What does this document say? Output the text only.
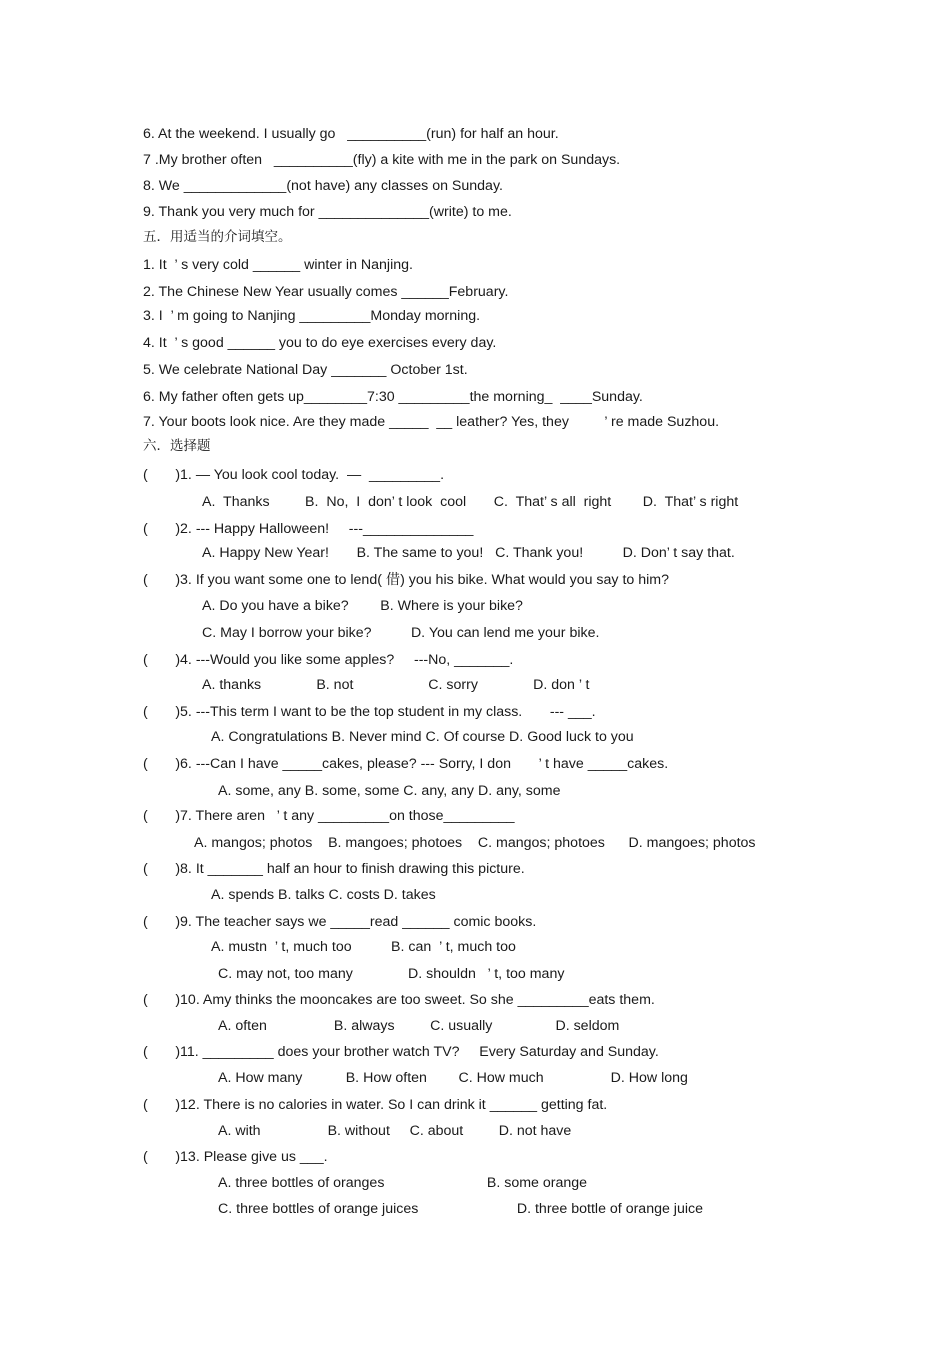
6. At the weekend. I usually go   __________(run) for half an hour.
7 .My brother often   __________(fly) a kite with me in the park on Sundays.
8. We _____________(not have) any classes on Sunday.
9. Thank you very much for ______________(write) to me.
五．用适当的介词填空。
1. It  ’ s very cold ______ winter in Nanjing.
2. The Chinese New Year usually comes ______February.
3. I  ’ m going to Nanjing _________Monday morning.
4. It  ’ s good ______ you to do eye exercises every day.
5. We celebrate National Day _______ October 1st.
6. My father often gets up________7:30 _________the morning_  ____Sunday.
7. Your boots look nice. Are they made _____  __ leather? Yes, they         ’ re made Suzhou.
六．选择题
(       )1. — You look cool today.  —  _________.
A.  Thanks         B.  No,  I  don’ t look  cool       C.  That’ s all  right        D.  That’ s right
(       )2. --- Happy Halloween!     ---______________
A. Happy New Year!       B. The same to you!   C. Thank you!          D. Don’ t say that.
(       )3. If you want some one to lend( 借) you his bike. What would you say to him?
A. Do you have a bike?        B. Where is your bike?
C. May I borrow your bike?          D. You can lend me your bike.
(       )4. ---Would you like some apples?     ---No, _______.
A. thanks              B. not                   C. sorry              D. don ’ t
(       )5. ---This term I want to be the top student in my class.       --- ___.
A. Congratulations B. Never mind C. Of course D. Good luck to you
(       )6. ---Can I have _____cakes, please? --- Sorry, I don       ’ t have _____cakes.
A. some, any B. some, some C. any, any D. any, some
(       )7. There aren   ’ t any _________on those_________
A. mangos; photos    B. mangoes; photoes    C. mangos; photoes      D. mangoes; photos
(       )8. It _______ half an hour to finish drawing this picture.
A. spends B. talks C. costs D. takes
(       )9. The teacher says we _____read ______ comic books.
A. mustn  ’ t, much too          B. can  ’ t, much too
C. may not, too many              D. shouldn   ’ t, too many
(       )10. Amy thinks the mooncakes are too sweet. So she _________eats them.
A. often                 B. always         C. usually                D. seldom
(       )11. _________ does your brother watch TV?     Every Saturday and Sunday.
A. How many           B. How often        C. How much                 D. How long
(       )12. There is no calories in water. So I can drink it ______ getting fat.
A. with                 B. without     C. about         D. not have
(       )13. Please give us ___.
A. three bottles of oranges                          B. some orange
C. three bottles of orange juices                         D. three bottle of orange juice
